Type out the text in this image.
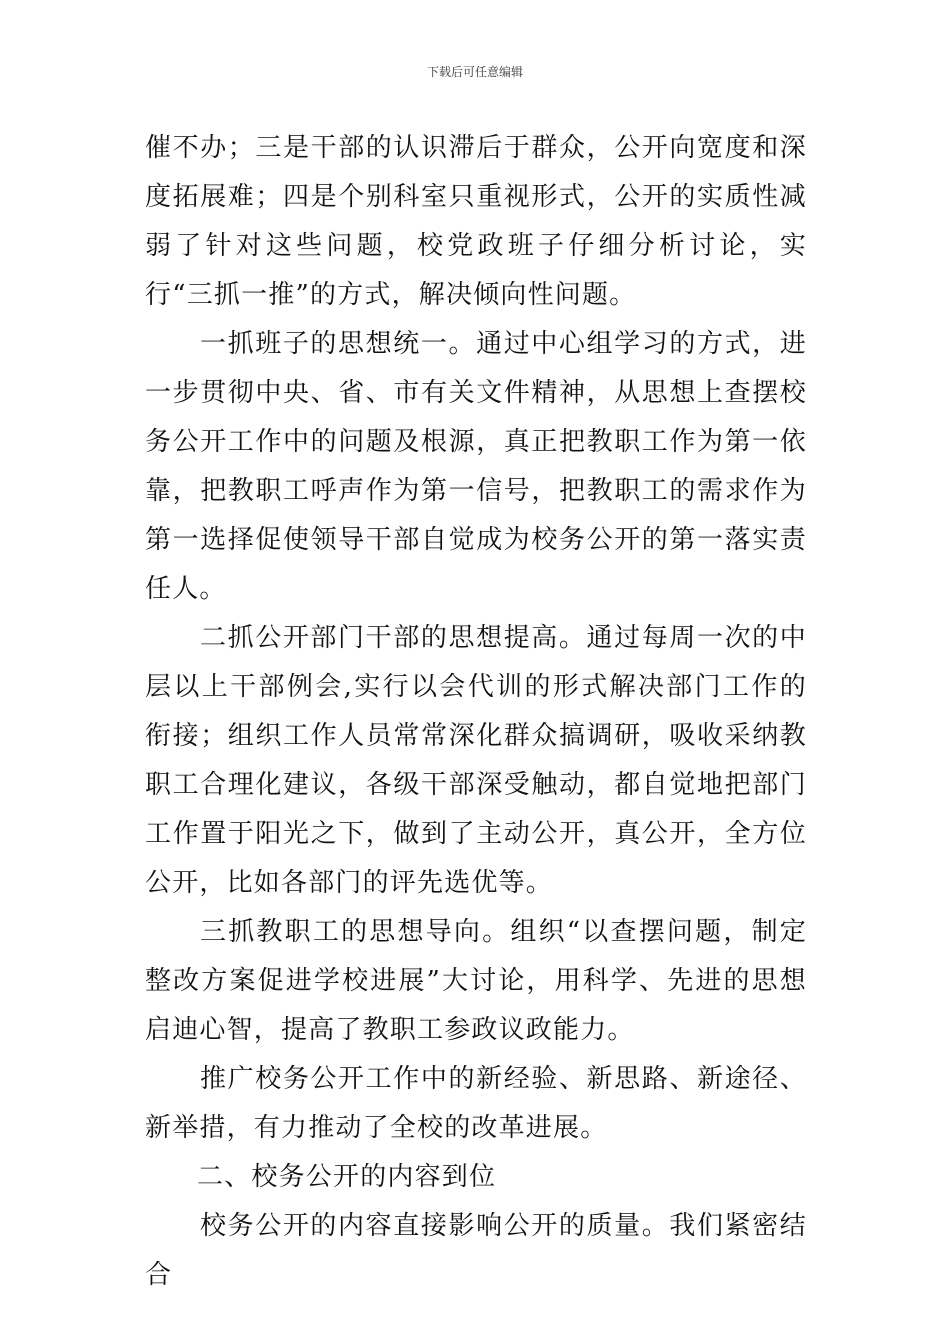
下载后可任意编辑

催不办；三是干部的认识滞后于群众，公开向宽度和深度拓展难；四是个别科室只重视形式，公开的实质性减弱了针对这些问题，校党政班子仔细分析讨论，实行“三抓一推”的方式，解决倾向性问题。

一抓班子的思想统一。通过中心组学习的方式，进一步贯彻中央、省、市有关文件精神，从思想上查摆校务公开工作中的问题及根源，真正把教职工作为第一依靠，把教职工呼声作为第一信号，把教职工的需求作为第一选择促使领导干部自觉成为校务公开的第一落实责任人。

二抓公开部门干部的思想提高。通过每周一次的中层以上干部例会,实行以会代训的形式解决部门工作的衔接；组织工作人员常常深化群众搞调研，吸收采纳教职工合理化建议，各级干部深受触动，都自觉地把部门工作置于阳光之下，做到了主动公开，真公开，全方位公开，比如各部门的评先选优等。

三抓教职工的思想导向。组织“以查摆问题，制定整改方案促进学校进展”大讨论，用科学、先进的思想启迪心智，提高了教职工参政议政能力。

推广校务公开工作中的新经验、新思路、新途径、新举措，有力推动了全校的改革进展。

二、校务公开的内容到位

校务公开的内容直接影响公开的质量。我们紧密结合
